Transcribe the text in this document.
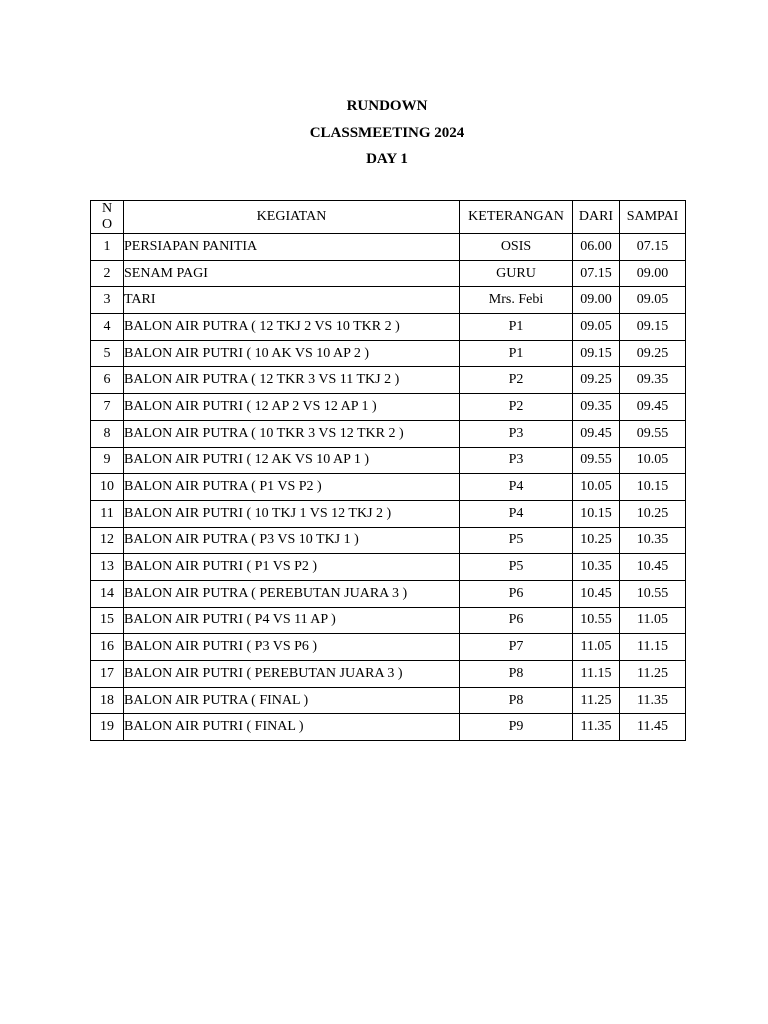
RUNDOWN
CLASSMEETING 2024
DAY 1
NO	KEGIATAN	KETERANGAN	DARI	SAMPAI
1	PERSIAPAN PANITIA	OSIS	06.00	07.15
2	SENAM PAGI	GURU	07.15	09.00
3	TARI	Mrs. Febi	09.00	09.05
4	BALON AIR PUTRA ( 12 TKJ 2 VS 10 TKR 2 )	P1	09.05	09.15
5	BALON AIR PUTRI ( 10 AK VS 10 AP 2 )	P1	09.15	09.25
6	BALON AIR PUTRA ( 12 TKR 3 VS 11 TKJ 2 )	P2	09.25	09.35
7	BALON AIR PUTRI ( 12 AP 2 VS 12 AP 1 )	P2	09.35	09.45
8	BALON AIR PUTRA ( 10 TKR 3 VS 12 TKR 2 )	P3	09.45	09.55
9	BALON AIR PUTRI ( 12 AK VS 10 AP 1 )	P3	09.55	10.05
10	BALON AIR PUTRA ( P1 VS P2 )	P4	10.05	10.15
11	BALON AIR PUTRI ( 10 TKJ 1 VS 12 TKJ 2 )	P4	10.15	10.25
12	BALON AIR PUTRA ( P3 VS 10 TKJ 1 )	P5	10.25	10.35
13	BALON AIR PUTRI ( P1 VS P2 )	P5	10.35	10.45
14	BALON AIR PUTRA ( PEREBUTAN JUARA 3 )	P6	10.45	10.55
15	BALON AIR PUTRI ( P4 VS 11 AP )	P6	10.55	11.05
16	BALON AIR PUTRI ( P3 VS P6 )	P7	11.05	11.15
17	BALON AIR PUTRI ( PEREBUTAN JUARA 3 )	P8	11.15	11.25
18	BALON AIR PUTRA ( FINAL )	P8	11.25	11.35
19	BALON AIR PUTRI ( FINAL )	P9	11.35	11.45
